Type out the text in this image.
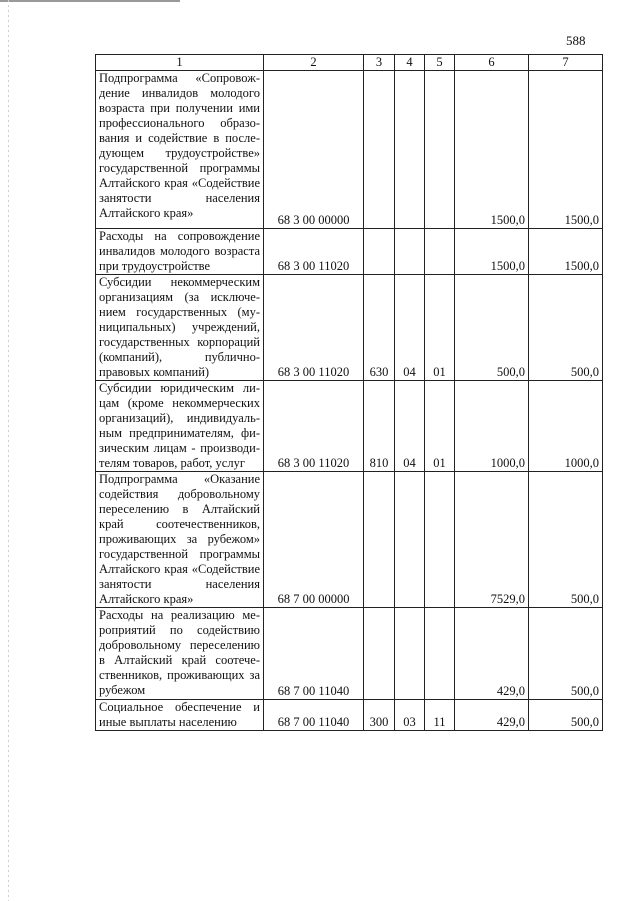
588
1	2	3	4	5	6	7
Подпрограмма «Сопровождение инвалидов молодого возраста при получении ими профессионального образования и содействие в последующем трудоустройстве» государственной программы Алтайского края «Содействие занятости населения Алтайского края»	68 3 00 00000				1500,0	1500,0
Расходы на сопровождение инвалидов молодого возраста при трудоустройстве	68 3 00 11020				1500,0	1500,0
Субсидии некоммерческим организациям (за исключением государственных (муниципальных) учреждений, государственных корпораций (компаний), публично-правовых компаний)	68 3 00 11020	630	04	01	500,0	500,0
Субсидии юридическим лицам (кроме некоммерческих организаций), индивидуальным предпринимателям, физическим лицам - производителям товаров, работ, услуг	68 3 00 11020	810	04	01	1000,0	1000,0
Подпрограмма «Оказание содействия добровольному переселению в Алтайский край соотечественников, проживающих за рубежом» государственной программы Алтайского края «Содействие занятости населения Алтайского края»	68 7 00 00000				7529,0	500,0
Расходы на реализацию мероприятий по содействию добровольному переселению в Алтайский край соотечественников, проживающих за рубежом	68 7 00 11040				429,0	500,0
Социальное обеспечение и иные выплаты населению	68 7 00 11040	300	03	11	429,0	500,0
